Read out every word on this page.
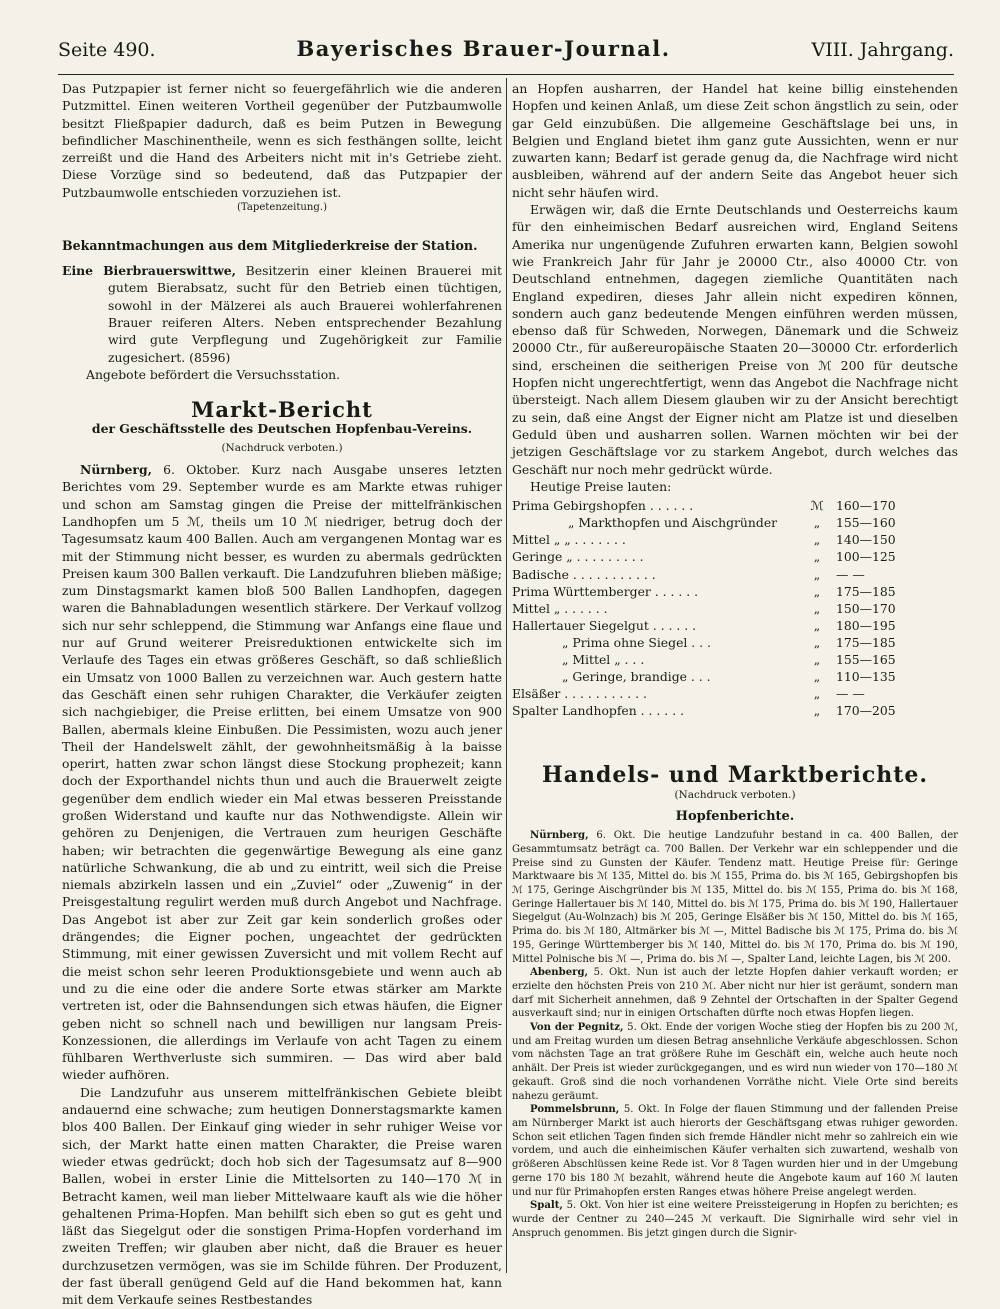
Seite 490.	Bayerisches Brauer-Journal.	VIII. Jahrgang.

Das Putzpapier ist ferner nicht so feuergefährlich wie die anderen Putzmittel. Einen weiteren Vortheil gegenüber der Putzbaumwolle besitzt Fließpapier dadurch, daß es beim Putzen in Bewegung befindlicher Maschinentheile, wenn es sich festhängen sollte, leicht zerreißt und die Hand des Arbeiters nicht mit in's Getriebe zieht. Diese Vorzüge sind so bedeutend, daß das Putzpapier der Putzbaumwolle entschieden vorzuziehen ist.

(Tapetenzeitung.)

Bekanntmachungen aus dem Mitgliederkreise der Station.

Eine Bierbrauerswittwe, Besitzerin einer kleinen Brauerei mit gutem Bierabsatz, sucht für den Betrieb einen tüchtigen, sowohl in der Mälzerei als auch Brauerei wohlerfahrenen Brauer reiferen Alters. Neben entsprechender Bezahlung wird gute Verpflegung und Zugehörigkeit zur Familie zugesichert. (8596)

Angebote befördert die Versuchsstation.

Markt-Bericht

der Geschäftsstelle des Deutschen Hopfenbau-Vereins.

(Nachdruck verboten.)

Nürnberg, 6. Oktober. Kurz nach Ausgabe unseres letzten Berichtes vom 29. September wurde es am Markte etwas ruhiger und schon am Samstag gingen die Preise der mittelfränkischen Landhopfen um 5 ℳ, theils um 10 ℳ niedriger, betrug doch der Tagesumsatz kaum 400 Ballen. Auch am vergangenen Montag war es mit der Stimmung nicht besser, es wurden zu abermals gedrückten Preisen kaum 300 Ballen verkauft. Die Landzufuhren blieben mäßige; zum Dinstagsmarkt kamen bloß 500 Ballen Landhopfen, dagegen waren die Bahnabladungen wesentlich stärkere. Der Verkauf vollzog sich nur sehr schleppend, die Stimmung war Anfangs eine flaue und nur auf Grund weiterer Preisreduktionen entwickelte sich im Verlaufe des Tages ein etwas größeres Geschäft, so daß schließlich ein Umsatz von 1000 Ballen zu verzeichnen war. Auch gestern hatte das Geschäft einen sehr ruhigen Charakter, die Verkäufer zeigten sich nachgiebiger, die Preise erlitten, bei einem Umsatze von 900 Ballen, abermals kleine Einbußen. Die Pessimisten, wozu auch jener Theil der Handelswelt zählt, der gewohnheitsmäßig à la baisse operirt, hatten zwar schon längst diese Stockung prophezeit; kann doch der Exporthandel nichts thun und auch die Brauerwelt zeigte gegenüber dem endlich wieder ein Mal etwas besseren Preisstande großen Widerstand und kaufte nur das Nothwendigste. Allein wir gehören zu Denjenigen, die Vertrauen zum heurigen Geschäfte haben; wir betrachten die gegenwärtige Bewegung als eine ganz natürliche Schwankung, die ab und zu eintritt, weil sich die Preise niemals abzirkeln lassen und ein „Zuviel“ oder „Zuwenig“ in der Preisgestaltung regulirt werden muß durch Angebot und Nachfrage. Das Angebot ist aber zur Zeit gar kein sonderlich großes oder drängendes; die Eigner pochen, ungeachtet der gedrückten Stimmung, mit einer gewissen Zuversicht und mit vollem Recht auf die meist schon sehr leeren Produktionsgebiete und wenn auch ab und zu die eine oder die andere Sorte etwas stärker am Markte vertreten ist, oder die Bahnsendungen sich etwas häufen, die Eigner geben nicht so schnell nach und bewilligen nur langsam Preis-Konzessionen, die allerdings im Verlaufe von acht Tagen zu einem fühlbaren Werthverluste sich summiren. — Das wird aber bald wieder aufhören.

Die Landzufuhr aus unserem mittelfränkischen Gebiete bleibt andauernd eine schwache; zum heutigen Donnerstagsmarkte kamen blos 400 Ballen. Der Einkauf ging wieder in sehr ruhiger Weise vor sich, der Markt hatte einen matten Charakter, die Preise waren wieder etwas gedrückt; doch hob sich der Tagesumsatz auf 8—900 Ballen, wobei in erster Linie die Mittelsorten zu 140—170 ℳ in Betracht kamen, weil man lieber Mittelwaare kauft als wie die höher gehaltenen Prima-Hopfen. Man behilft sich eben so gut es geht und läßt das Siegelgut oder die sonstigen Prima-Hopfen vorderhand im zweiten Treffen; wir glauben aber nicht, daß die Brauer es heuer durchzusetzen vermögen, was sie im Schilde führen. Der Produzent, der fast überall genügend Geld auf die Hand bekommen hat, kann mit dem Verkaufe seines Restbestandes

an Hopfen ausharren, der Handel hat keine billig einstehenden Hopfen und keinen Anlaß, um diese Zeit schon ängstlich zu sein, oder gar Geld einzubüßen. Die allgemeine Geschäftslage bei uns, in Belgien und England bietet ihm ganz gute Aussichten, wenn er nur zuwarten kann; Bedarf ist gerade genug da, die Nachfrage wird nicht ausbleiben, während auf der andern Seite das Angebot heuer sich nicht sehr häufen wird.

Erwägen wir, daß die Ernte Deutschlands und Oesterreichs kaum für den einheimischen Bedarf ausreichen wird, England Seitens Amerika nur ungenügende Zufuhren erwarten kann, Belgien sowohl wie Frankreich Jahr für Jahr je 20000 Ctr., also 40000 Ctr. von Deutschland entnehmen, dagegen ziemliche Quantitäten nach England expediren, dieses Jahr allein nicht expediren können, sondern auch ganz bedeutende Mengen einführen werden müssen, ebenso daß für Schweden, Norwegen, Dänemark und die Schweiz 20000 Ctr., für außereuropäische Staaten 20—30000 Ctr. erforderlich sind, erscheinen die seitherigen Preise von ℳ 200 für deutsche Hopfen nicht ungerechtfertigt, wenn das Angebot die Nachfrage nicht übersteigt. Nach allem Diesem glauben wir zu der Ansicht berechtigt zu sein, daß eine Angst der Eigner nicht am Platze ist und dieselben Geduld üben und ausharren sollen. Warnen möchten wir bei der jetzigen Geschäftslage vor zu starkem Angebot, durch welches das Geschäft nur noch mehr gedrückt würde.

Heutige Preise lauten:

Prima Gebirgshopfen . . . . . .	ℳ 160—170
„ Markthopfen und Aischgründer	„	155—160
Mittel „ „ . . . . . . .	„	140—150
Geringe „ . . . . . . . . .	„	100—125
Badische . . . . . . . . . . .	„	— —
Prima Württemberger . . . . . .	„	175—185
Mittel „ . . . . . .	„	150—170
Hallertauer Siegelgut . . . . . .	„	180—195
„ Prima ohne Siegel . . .	„	175—185
„ Mittel „ . . .	„	155—165
„ Geringe, brandige . . .	„	110—135
Elsäßer . . . . . . . . . . .	„	— —
Spalter Landhopfen . . . . . .	„	170—205

Handels- und Marktberichte.

(Nachdruck verboten.)

Hopfenberichte.

Nürnberg, 6. Okt. Die heutige Landzufuhr bestand in ca. 400 Ballen, der Gesammtumsatz beträgt ca. 700 Ballen. Der Verkehr war ein schleppender und die Preise sind zu Gunsten der Käufer. Tendenz matt. Heutige Preise für: Geringe Marktwaare bis ℳ 135, Mittel do. bis ℳ 155, Prima do. bis ℳ 165, Gebirgshopfen bis ℳ 175, Geringe Aischgründer bis ℳ 135, Mittel do. bis ℳ 155, Prima do. bis ℳ 168, Geringe Hallertauer bis ℳ 140, Mittel do. bis ℳ 175, Prima do. bis ℳ 190, Hallertauer Siegelgut (Au-Wolnzach) bis ℳ 205, Geringe Elsäßer bis ℳ 150, Mittel do. bis ℳ 165, Prima do. bis ℳ 180, Altmärker bis ℳ —, Mittel Badische bis ℳ 175, Prima do. bis ℳ 195, Geringe Württemberger bis ℳ 140, Mittel do. bis ℳ 170, Prima do. bis ℳ 190, Mittel Polnische bis ℳ —, Prima do. bis ℳ —, Spalter Land, leichte Lagen, bis ℳ 200.

Abenberg, 5. Okt. Nun ist auch der letzte Hopfen dahier verkauft worden; er erzielte den höchsten Preis von 210 ℳ. Aber nicht nur hier ist geräumt, sondern man darf mit Sicherheit annehmen, daß 9 Zehntel der Ortschaften in der Spalter Gegend ausverkauft sind; nur in einigen Ortschaften dürfte noch etwas Hopfen liegen.

Von der Pegnitz, 5. Okt. Ende der vorigen Woche stieg der Hopfen bis zu 200 ℳ, und am Freitag wurden um diesen Betrag ansehnliche Verkäufe abgeschlossen. Schon vom nächsten Tage an trat größere Ruhe im Geschäft ein, welche auch heute noch anhält. Der Preis ist wieder zurückgegangen, und es wird nun wieder von 170—180 ℳ gekauft. Groß sind die noch vorhandenen Vorräthe nicht. Viele Orte sind bereits nahezu geräumt.

Pommelsbrunn, 5. Okt. In Folge der flauen Stimmung und der fallenden Preise am Nürnberger Markt ist auch hierorts der Geschäftsgang etwas ruhiger geworden. Schon seit etlichen Tagen finden sich fremde Händler nicht mehr so zahlreich ein wie vordem, und auch die einheimischen Käufer verhalten sich zuwartend, weshalb von größeren Abschlüssen keine Rede ist. Vor 8 Tagen wurden hier und in der Umgebung gerne 170 bis 180 ℳ bezahlt, während heute die Angebote kaum auf 160 ℳ lauten und nur für Primahopfen ersten Ranges etwas höhere Preise angelegt werden.

Spalt, 5. Okt. Von hier ist eine weitere Preissteigerung in Hopfen zu berichten; es wurde der Centner zu 240—245 ℳ verkauft. Die Signirhalle wird sehr viel in Anspruch genommen. Bis jetzt gingen durch die Signir-
